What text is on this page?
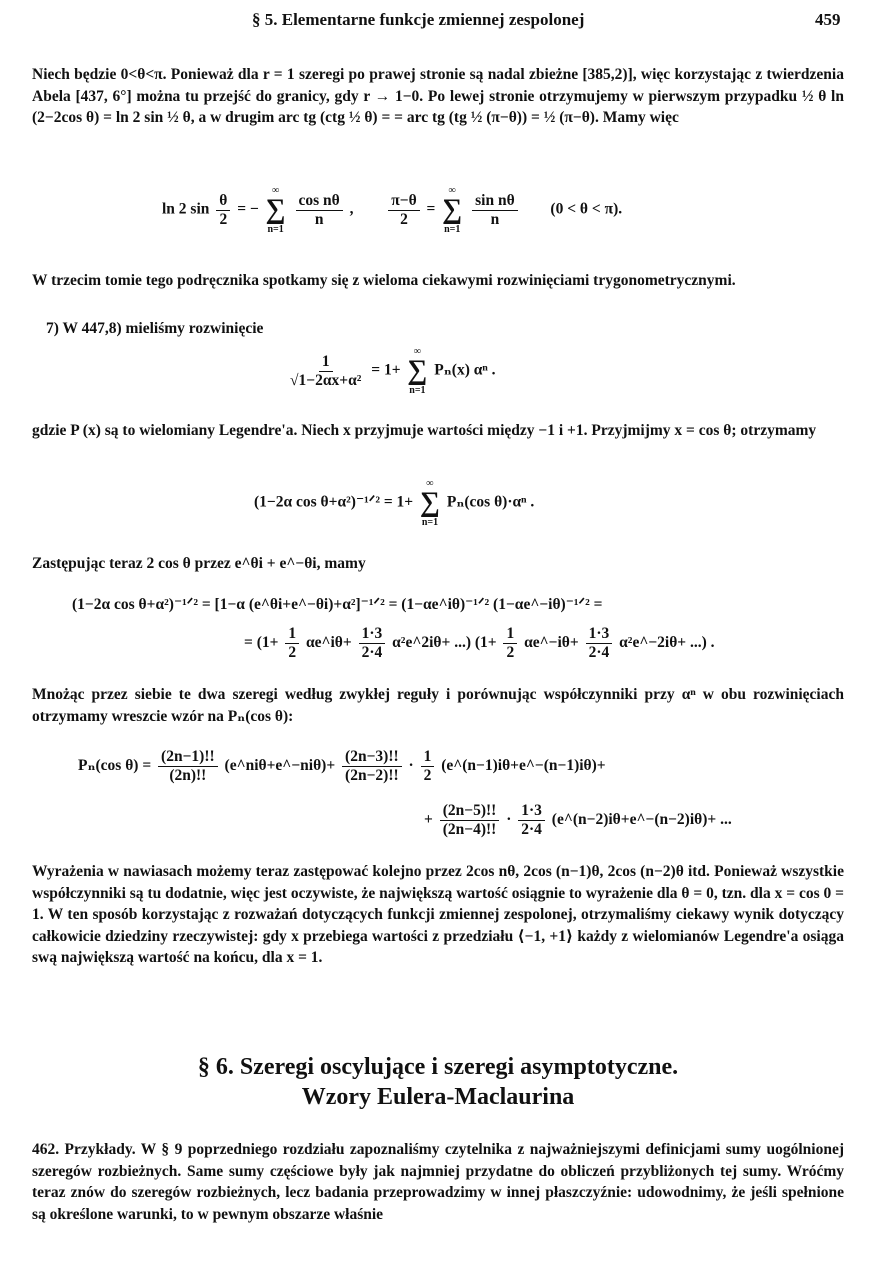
§ 5. Elementarne funkcje zmiennej zespolonej	459
Niech będzie 0<θ<π. Ponieważ dla r = 1 szeregi po prawej stronie są nadal zbieżne [385,2)], więc korzystając z twierdzenia Abela [437, 6°] można tu przejść do granicy, gdy r → 1−0. Po lewej stronie otrzymujemy w pierwszym przypadku ½ θ ln (2−2cos θ) = ln 2 sin ½ θ, a w drugim arc tg (ctg ½ θ) = = arc tg (tg ½ (π−θ)) = ½ (π−θ). Mamy więc
ln 2 $\sin \frac{\theta}{2}$ = −
∞
∑
n=1

$\frac{\text{cos nθ}}{n}$ , $\frac{\pi-\theta}{2}$ =
∞
∑
n=1

$\frac{\text{sin nθ}}{n} (0 < \theta < \pi)$.
W trzecim tomie tego podręcznika spotkamy się z wieloma ciekawymi rozwinięciami trygonometrycznymi.
7) W 447,8) mieliśmy rozwinięcie
$\frac{1}{\text{√1−2αx+α²}} = 1+$
∞
∑
n=1
Pₙ(x) αⁿ .
gdzie P (x) są to wielomiany Legendre'a. Niech x przyjmuje wartości między −1 i +1. Przyjmijmy x = cos θ; otrzymamy
(1−2α cos θ+α²)⁻¹ᐟ² = 1+
∞
∑
n=1
Pₙ(cos θ)·αⁿ .
Zastępując teraz 2 cos θ przez e^θi + e^−θi, mamy
(1−2α cos θ+α²)⁻¹ᐟ² = [1−α (e^θi+e^−θi)+α²]⁻¹ᐟ² = (1−αe^iθ)⁻¹ᐟ² (1−αe^−iθ)⁻¹ᐟ² =
= ($1+ \frac{1}{2}$ αe^iθ+ $\frac{1\cdot 3}{2\cdot 4}$ α²e^2iθ+ ...) ($1+ \frac{1}{2}$ αe^−iθ+ $\frac{1\cdot 3}{2\cdot 4}$ α²e^−2iθ+ ...) .
Mnożąc przez siebie te dwa szeregi według zwykłej reguły i porównując współczynniki przy αⁿ w obu rozwinięciach otrzymamy wreszcie wzór na Pₙ(cos θ):
Pₙ(cos $\theta) = \frac{(2n-1)!!}{(2n)!!}$ (e^niθ+e^−niθ)+ $\frac{(2n-3)!!}{(2n-2)!!} \cdot \frac{1}{2}$ (e^(n−1)iθ+e^−(n−1)iθ)+
+ $\frac{(2n-5)!!}{(2n-4)!!} \cdot \frac{1\cdot 3}{2\cdot 4}$ (e^(n−2)iθ+e^−(n−2)iθ)+ ...
Wyrażenia w nawiasach możemy teraz zastępować kolejno przez 2cos nθ, 2cos (n−1)θ, 2cos (n−2)θ itd. Ponieważ wszystkie współczynniki są tu dodatnie, więc jest oczywiste, że największą wartość osiągnie to wyrażenie dla θ = 0, tzn. dla x = cos 0 = 1. W ten sposób korzystając z rozważań dotyczących funkcji zmiennej zespolonej, otrzymaliśmy ciekawy wynik dotyczący całkowicie dziedziny rzeczywistej: gdy x przebiega wartości z przedziału ⟨−1, +1⟩ każdy z wielomianów Legendre'a osiąga swą największą wartość na końcu, dla x = 1.
§ 6. Szeregi oscylujące i szeregi asymptotyczne.
Wzory Eulera-Maclaurina
462. Przykłady. W § 9 poprzedniego rozdziału zapoznaliśmy czytelnika z najważniejszymi definicjami sumy uogólnionej szeregów rozbieżnych. Same sumy częściowe były jak najmniej przydatne do obliczeń przybliżonych tej sumy. Wróćmy teraz znów do szeregów rozbieżnych, lecz badania przeprowadzimy w innej płaszczyźnie: udowodnimy, że jeśli spełnione są określone warunki, to w pewnym obszarze właśnie
